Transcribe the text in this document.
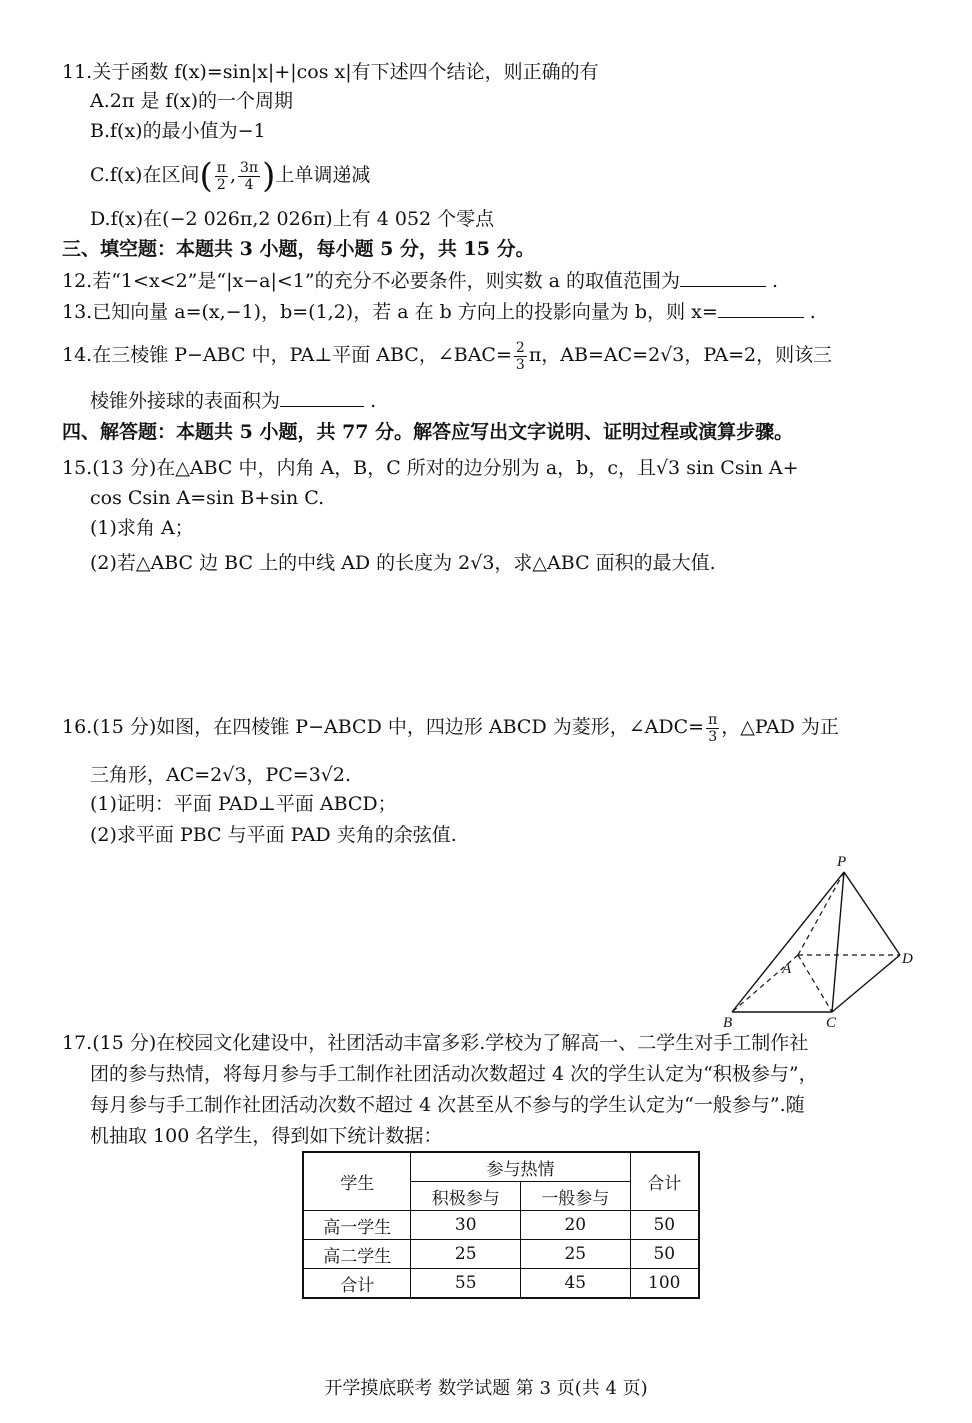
11.关于函数 f(x)=sin|x|+|cos x|有下述四个结论，则正确的有
A.2π 是 f(x)的一个周期
B.f(x)的最小值为−1
C.f(x)在区间( $\frac{\pi}{2}$ , $\frac{3\pi}{4}$ )上单调递减
D.f(x)在(−2 026π,2 026π)上有 4 052 个零点
三、填空题：本题共 3 小题，每小题 5 分，共 15 分。
12.若“1<x<2”是“|x−a|<1”的充分不必要条件，则实数 a 的取值范围为	.
13.已知向量 a=(x,−1)，b=(1,2)，若 a 在 b 方向上的投影向量为 b，则 x=	.
14.在三棱锥 P−ABC 中，PA⊥平面 ABC，∠BAC= $\frac{2}{3}$ π，AB=AC=2√3，PA=2，则该三
棱锥外接球的表面积为	.
四、解答题：本题共 5 小题，共 77 分。解答应写出文字说明、证明过程或演算步骤。
15.(13 分)在△ABC 中，内角 A，B，C 所对的边分别为 a，b，c，且√3 sin Csin A+
cos Csin A=sin B+sin C.
(1)求角 A；
(2)若△ABC 边 BC 上的中线 AD 的长度为 2√3，求△ABC 面积的最大值.
16.(15 分)如图，在四棱锥 P−ABCD 中，四边形 ABCD 为菱形，∠ADC= $\frac{\pi}{3}$ ，△PAD 为正
三角形，AC=2√3，PC=3√2.
(1)证明：平面 PAD⊥平面 ABCD；
(2)求平面 PBC 与平面 PAD 夹角的余弦值.
P
A
B	C
D
17.(15 分)在校园文化建设中，社团活动丰富多彩.学校为了解高一、二学生对手工制作社
团的参与热情，将每月参与手工制作社团活动次数超过 4 次的学生认定为“积极参与”，
每月参与手工制作社团活动次数不超过 4 次甚至从不参与的学生认定为“一般参与”.随
机抽取 100 名学生，得到如下统计数据：
学生	参与热情		合计
	积极参与	一般参与	
高一学生	30	20	50
高二学生	25	25	50
合计	55	45	100
开学摸底联考 数学试题 第 3 页(共 4 页)
